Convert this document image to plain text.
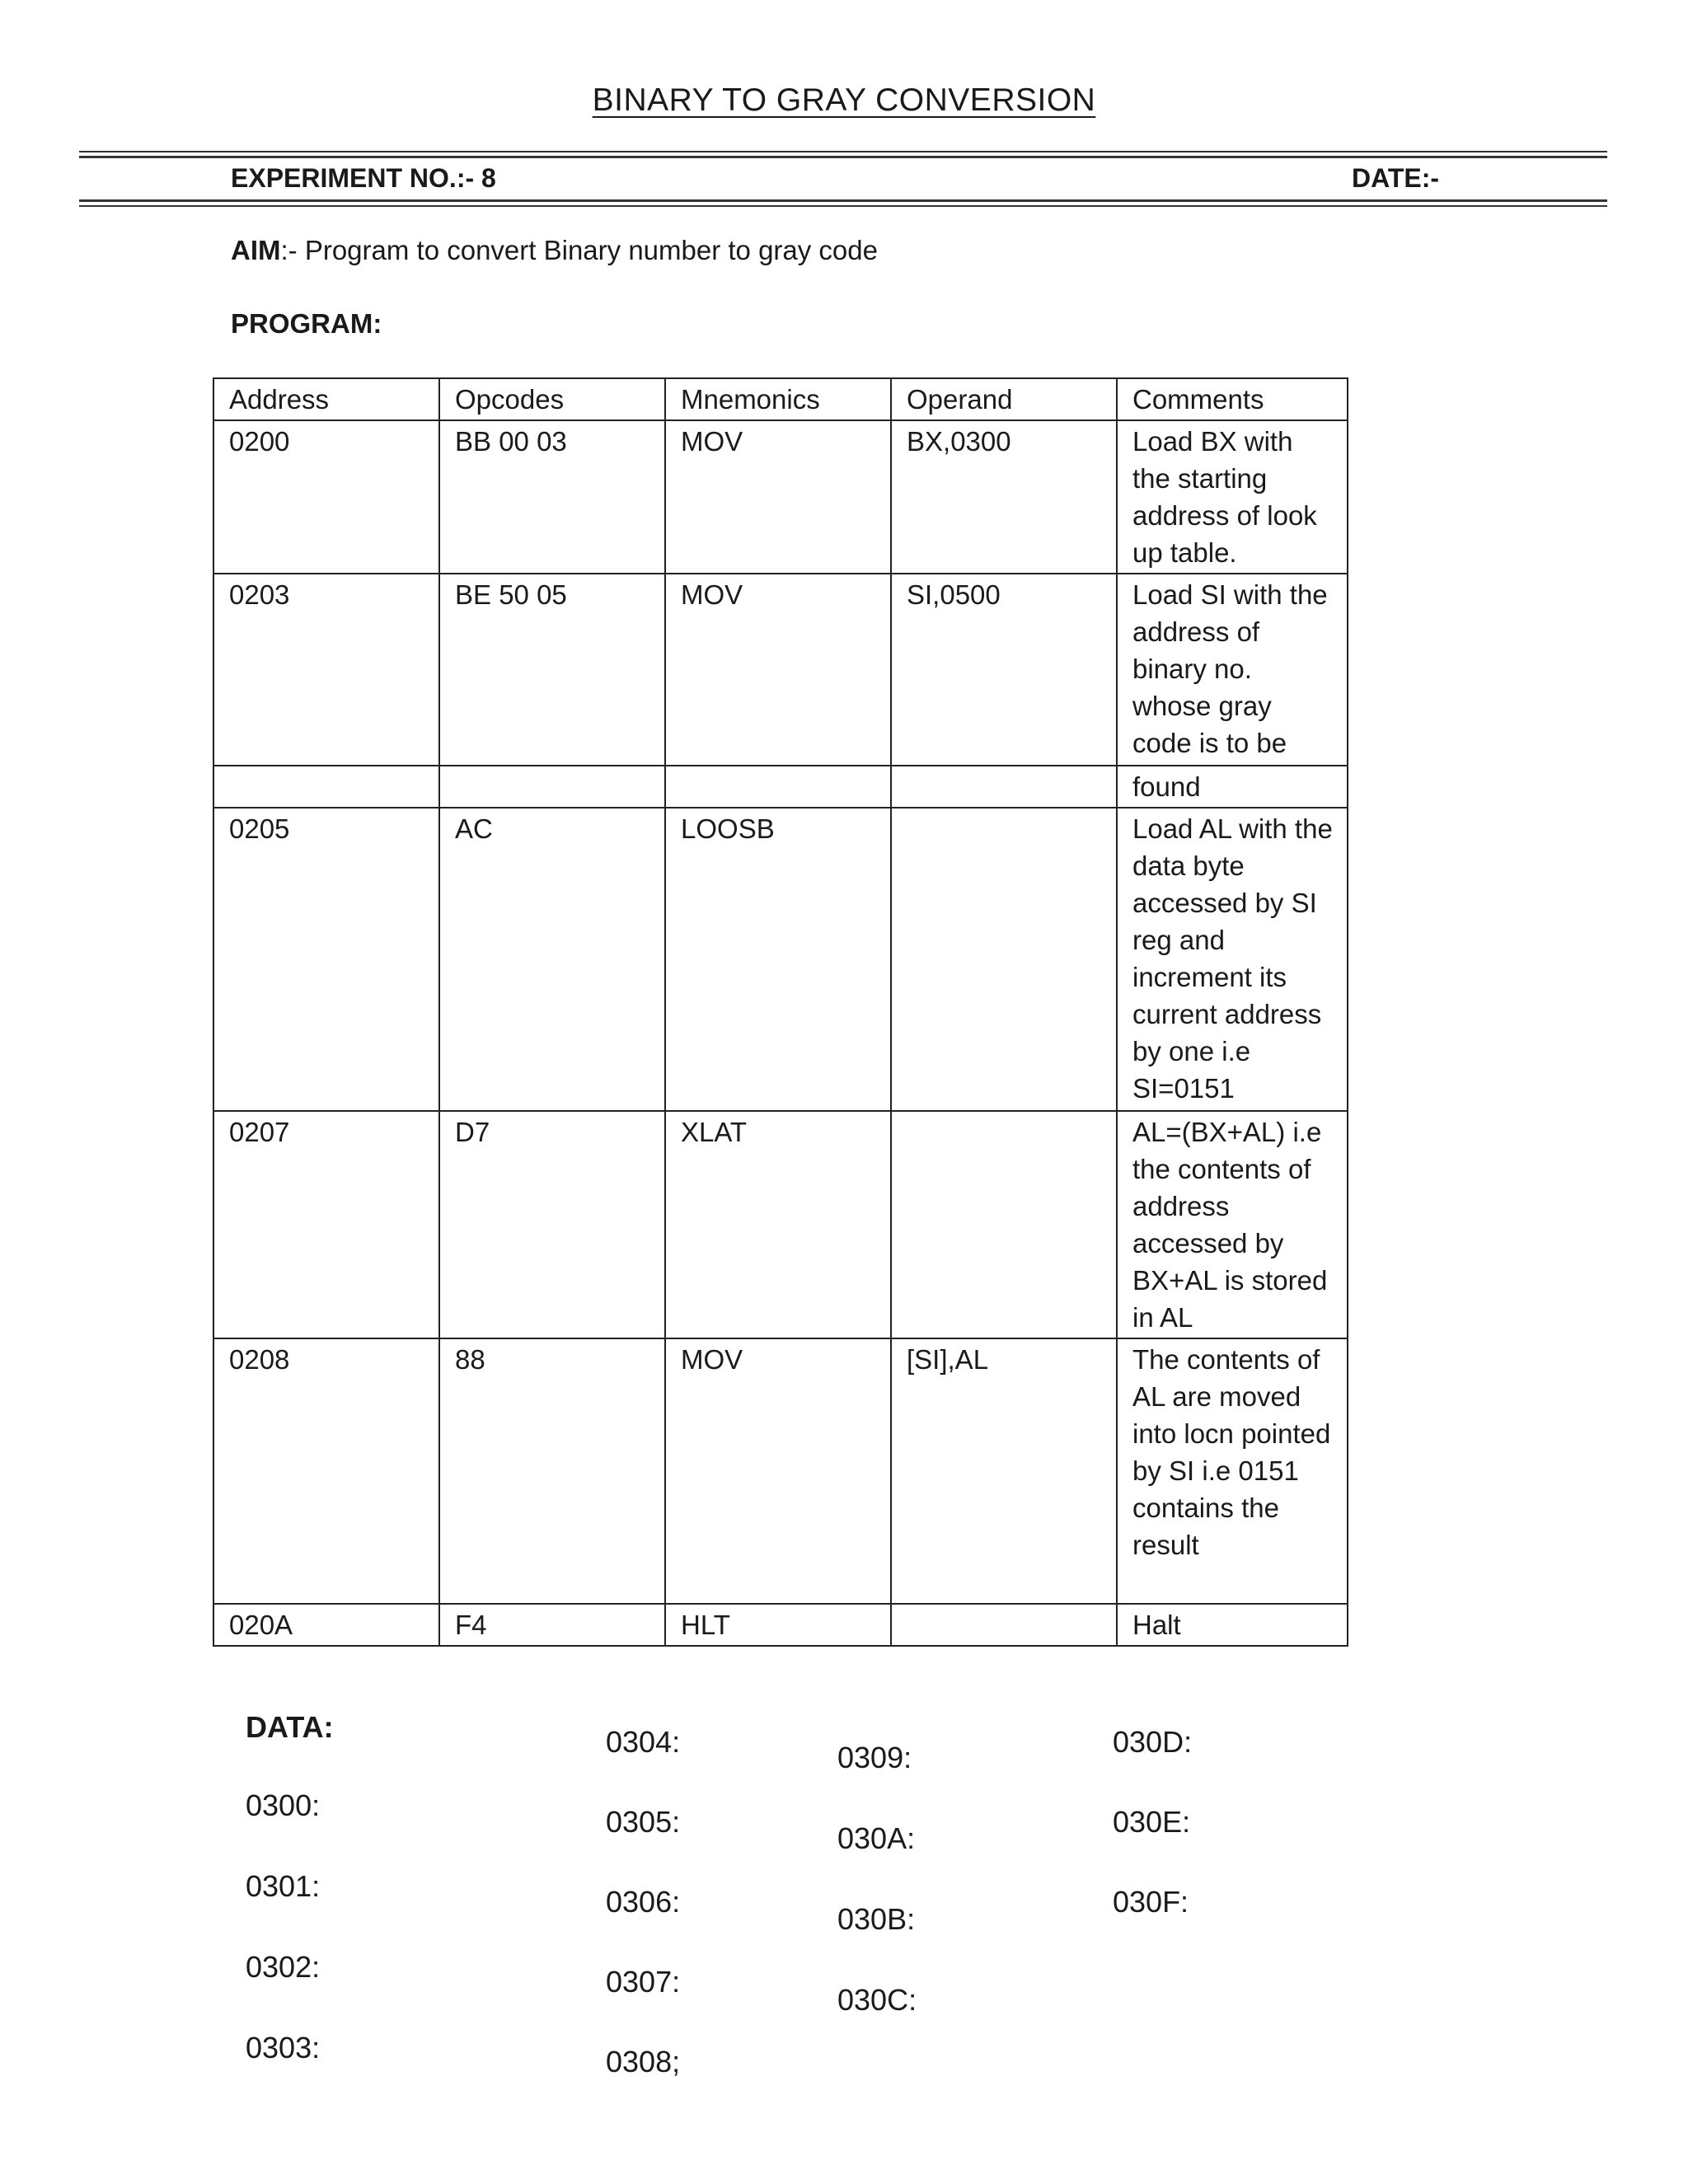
BINARY TO GRAY CONVERSION
EXPERIMENT NO.:- 8	DATE:-
AIM:- Program to convert Binary number to gray code
PROGRAM:
Address	Opcodes	Mnemonics	Operand	Comments
0200	BB 00 03	MOV	BX,0300	Load BX with the starting address of look up table.
0203	BE 50 05	MOV	SI,0500	Load SI with the address of binary no. whose gray code is to be
				found
0205	AC	LOOSB		Load AL with the data byte accessed by SI reg and increment its current address by one i.e SI=0151
0207	D7	XLAT		AL=(BX+AL) i.e the contents of address accessed by BX+AL is stored in AL
0208	88	MOV	[SI],AL	The contents of AL are moved into locn pointed by SI i.e 0151 contains the result
020A	F4	HLT		Halt
DATA:
0300:
0301:
0302:
0303:
0304:
0305:
0306:
0307:
0308;
0309:
030A:
030B:
030C:
030D:
030E:
030F:
